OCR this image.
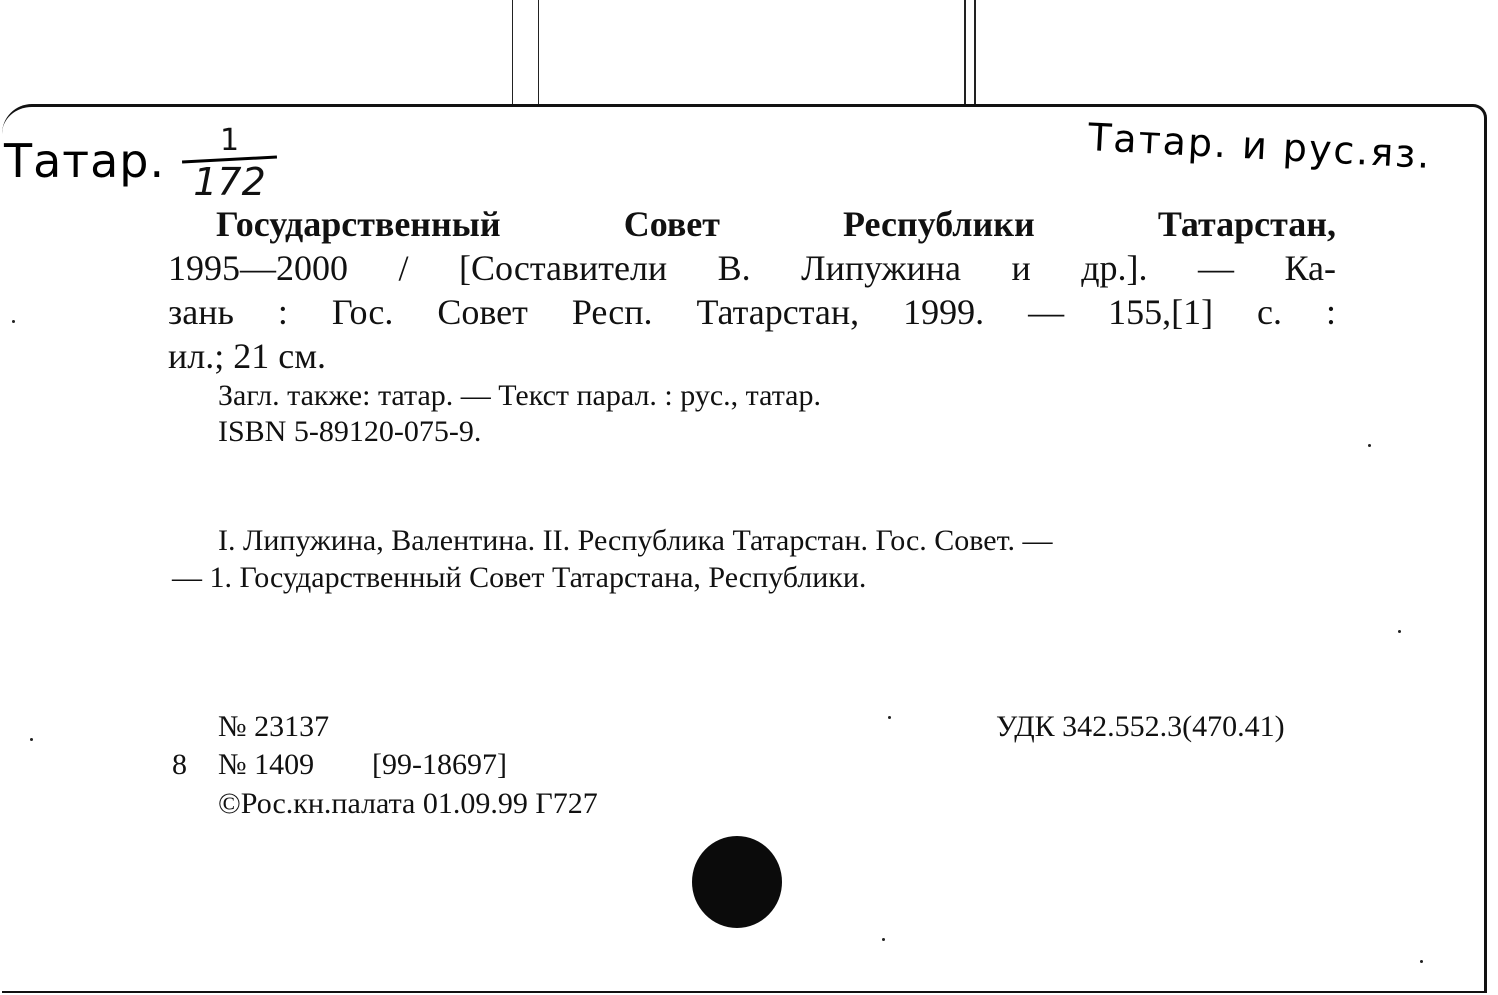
Татар.	1
172
Татар. и рус.яз.
Государственный Совет Республики Татарстан,
1995—2000 / [Составители В. Липужина и др.]. — Ка-
зань : Гос. Совет Респ. Татарстан, 1999. — 155,[1] с. :
ил.; 21 см.
Загл. также: татар. — Текст парал. : рус., татар.
ISBN 5-89120-075-9.
I. Липужина, Валентина. II. Республика Татарстан. Гос. Совет. —
— 1. Государственный Совет Татарстана, Республики.
№ 23137	УДК 342.552.3(470.41)
8 № 1409 [99-18697]
©Рос.кн.палата 01.09.99 Г727
